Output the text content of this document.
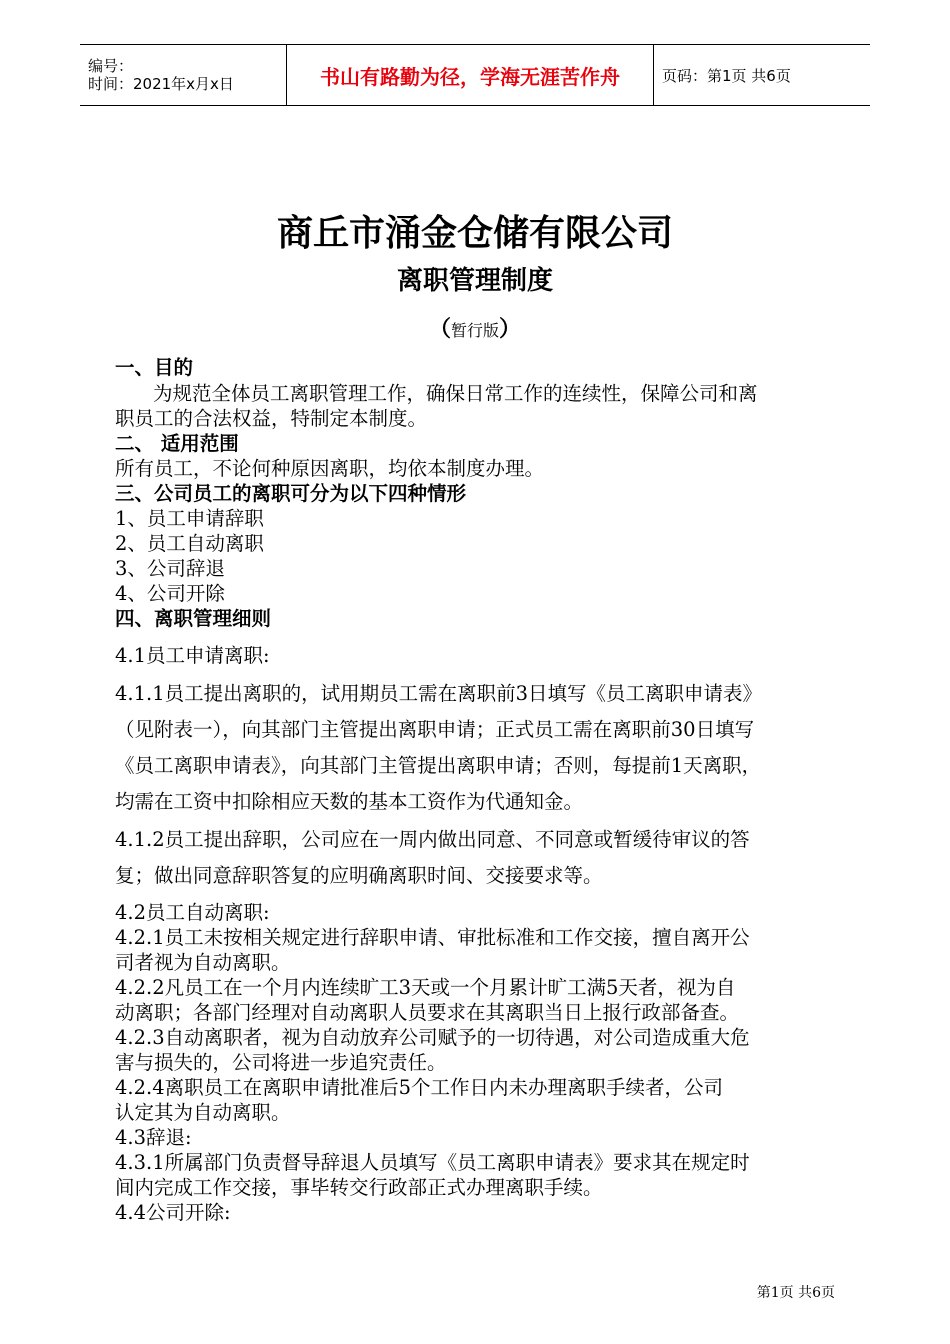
编号：
时间：2021年x月x日	书山有路勤为径，学海无涯苦作舟	页码：第1页 共6页
商丘市涌金仓储有限公司
离职管理制度
（暂行版）
一、目的
为规范全体员工离职管理工作，确保日常工作的连续性，保障公司和离
职员工的合法权益，特制定本制度。
二、 适用范围
所有员工，不论何种原因离职，均依本制度办理。
三、公司员工的离职可分为以下四种情形
1、员工申请辞职
2、员工自动离职
3、公司辞退
4、公司开除
四、离职管理细则
4.1员工申请离职:
4.1.1员工提出离职的，试用期员工需在离职前3日填写《员工离职申请表》
（见附表一），向其部门主管提出离职申请；正式员工需在离职前30日填写
《员工离职申请表》，向其部门主管提出离职申请；否则，每提前1天离职，
均需在工资中扣除相应天数的基本工资作为代通知金。
4.1.2员工提出辞职，公司应在一周内做出同意、不同意或暂缓待审议的答
复；做出同意辞职答复的应明确离职时间、交接要求等。
4.2员工自动离职:
4.2.1员工未按相关规定进行辞职申请、审批标准和工作交接，擅自离开公
司者视为自动离职。
4.2.2凡员工在一个月内连续旷工3天或一个月累计旷工满5天者，视为自
动离职；各部门经理对自动离职人员要求在其离职当日上报行政部备查。
4.2.3自动离职者，视为自动放弃公司赋予的一切待遇，对公司造成重大危
害与损失的，公司将进一步追究责任。
4.2.4离职员工在离职申请批准后5个工作日内未办理离职手续者，公司
认定其为自动离职。
4.3辞退:
4.3.1所属部门负责督导辞退人员填写《员工离职申请表》要求其在规定时
间内完成工作交接，事毕转交行政部正式办理离职手续。
4.4公司开除:
第1页 共6页
